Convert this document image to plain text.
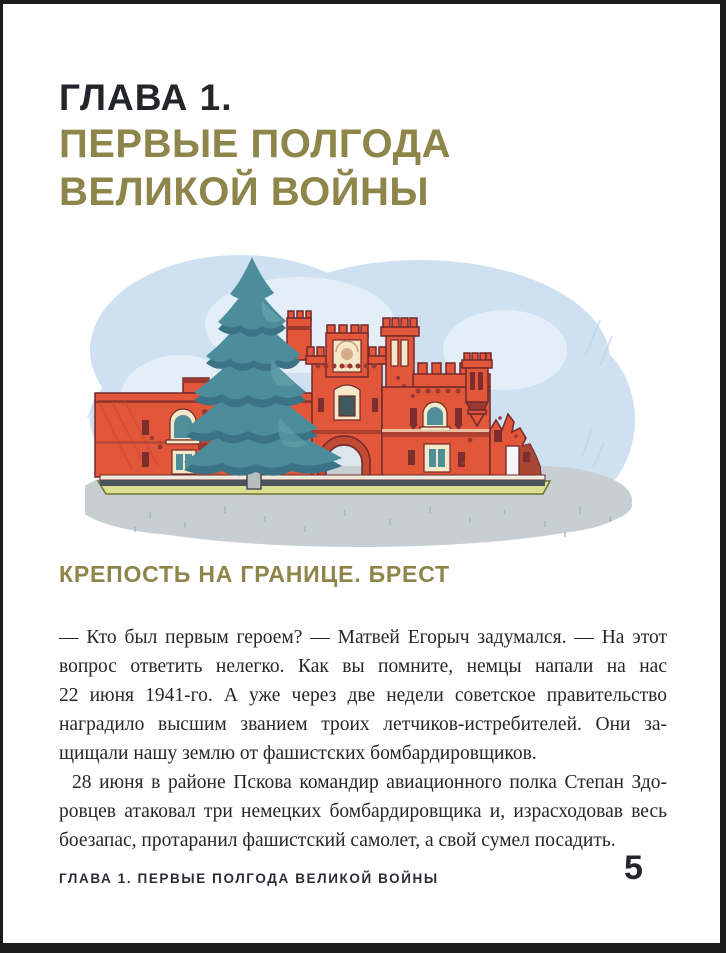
ГЛАВА 1.
ПЕРВЫЕ ПОЛГОДА
ВЕЛИКОЙ ВОЙНЫ
КРЕПОСТЬ НА ГРАНИЦЕ. БРЕСТ

— Кто был первым героем? — Матвей Егорыч задумался. — На этот
вопрос ответить нелегко. Как вы помните, немцы напали на нас
22 июня 1941-го. А уже через две недели советское правительство
наградило высшим званием троих летчиков-истребителей. Они за-
щищали нашу землю от фашистских бомбардировщиков.

28 июня в районе Пскова командир авиационного полка Степан Здо-
ровцев атаковал три немецких бомбардировщика и, израсходовав весь
боезапас, протаранил фашистский самолет, а свой сумел посадить.

ГЛАВА 1. ПЕРВЫЕ ПОЛГОДА ВЕЛИКОЙ ВОЙНЫ	5
